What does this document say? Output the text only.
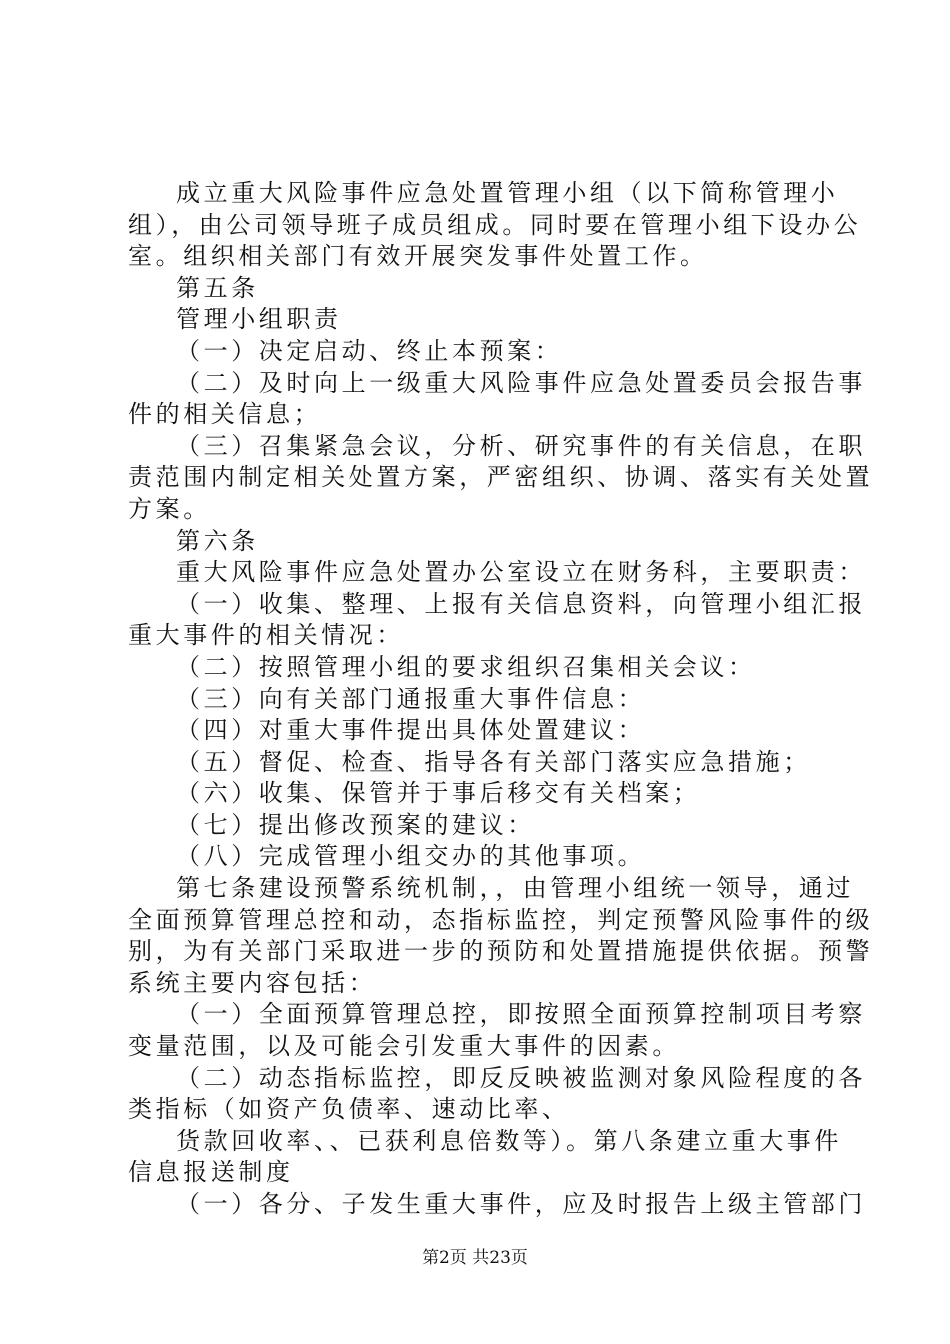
成立重大风险事件应急处置管理小组（以下简称管理小
组），由公司领导班子成员组成。同时要在管理小组下设办公
室。组织相关部门有效开展突发事件处置工作。
第五条
管理小组职责
（一）决定启动、终止本预案：
（二）及时向上一级重大风险事件应急处置委员会报告事
件的相关信息；
（三）召集紧急会议，分析、研究事件的有关信息，在职
责范围内制定相关处置方案，严密组织、协调、落实有关处置
方案。
第六条
重大风险事件应急处置办公室设立在财务科，主要职责：
（一）收集、整理、上报有关信息资料，向管理小组汇报
重大事件的相关情况：
（二）按照管理小组的要求组织召集相关会议：
（三）向有关部门通报重大事件信息：
（四）对重大事件提出具体处置建议：
（五）督促、检查、指导各有关部门落实应急措施；
（六）收集、保管并于事后移交有关档案；
（七）提出修改预案的建议：
（八）完成管理小组交办的其他事项。
第七条建设预警系统机制，，由管理小组统一领导，通过
全面预算管理总控和动，态指标监控，判定预警风险事件的级
别，为有关部门采取进一步的预防和处置措施提供依据。预警
系统主要内容包括：
（一）全面预算管理总控，即按照全面预算控制项目考察
变量范围，以及可能会引发重大事件的因素。
（二）动态指标监控，即反反映被监测对象风险程度的各
类指标（如资产负债率、速动比率、
货款回收率、、已获利息倍数等）。第八条建立重大事件
信息报送制度
（一）各分、子发生重大事件，应及时报告上级主管部门
第2页 共23页
